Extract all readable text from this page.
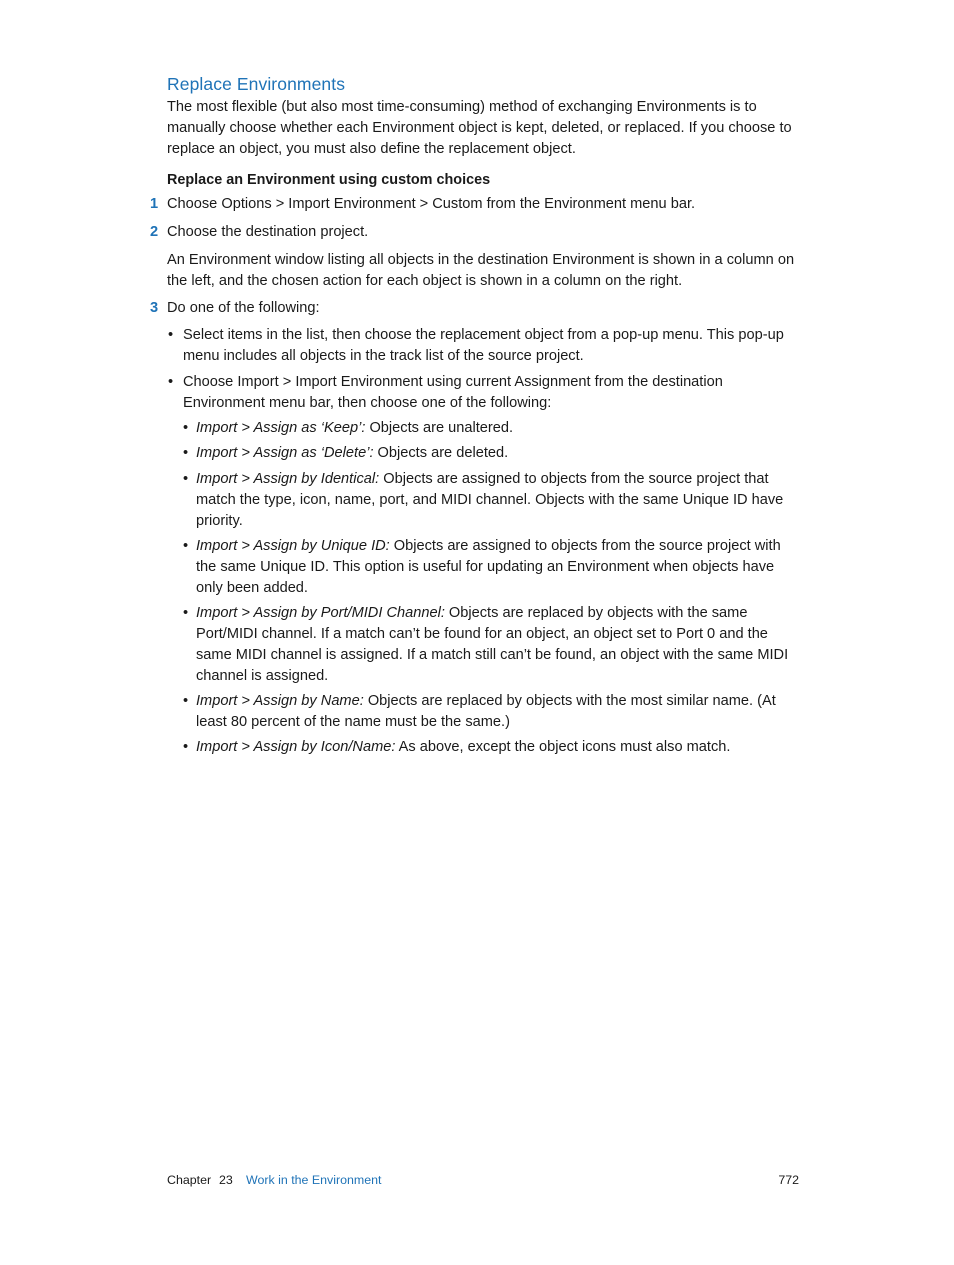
Replace Environments

The most flexible (but also most time-consuming) method of exchanging Environments is to manually choose whether each Environment object is kept, deleted, or replaced. If you choose to replace an object, you must also define the replacement object.

Replace an Environment using custom choices
1 Choose Options > Import Environment > Custom from the Environment menu bar.
2 Choose the destination project.

An Environment window listing all objects in the destination Environment is shown in a column on the left, and the chosen action for each object is shown in a column on the right.

3 Do one of the following:
• Select items in the list, then choose the replacement object from a pop-up menu. This pop-up menu includes all objects in the track list of the source project.
• Choose Import > Import Environment using current Assignment from the destination Environment menu bar, then choose one of the following:
• Import > Assign as ‘Keep’: Objects are unaltered.
• Import > Assign as ‘Delete’: Objects are deleted.
• Import > Assign by Identical: Objects are assigned to objects from the source project that match the type, icon, name, port, and MIDI channel. Objects with the same Unique ID have priority.
• Import > Assign by Unique ID: Objects are assigned to objects from the source project with the same Unique ID. This option is useful for updating an Environment when objects have only been added.
• Import > Assign by Port/MIDI Channel: Objects are replaced by objects with the same Port/MIDI channel. If a match can’t be found for an object, an object set to Port 0 and the same MIDI channel is assigned. If a match still can’t be found, an object with the same MIDI channel is assigned.
• Import > Assign by Name: Objects are replaced by objects with the most similar name. (At least 80 percent of the name must be the same.)
• Import > Assign by Icon/Name: As above, except the object icons must also match.
Chapter 23 Work in the Environment	772
